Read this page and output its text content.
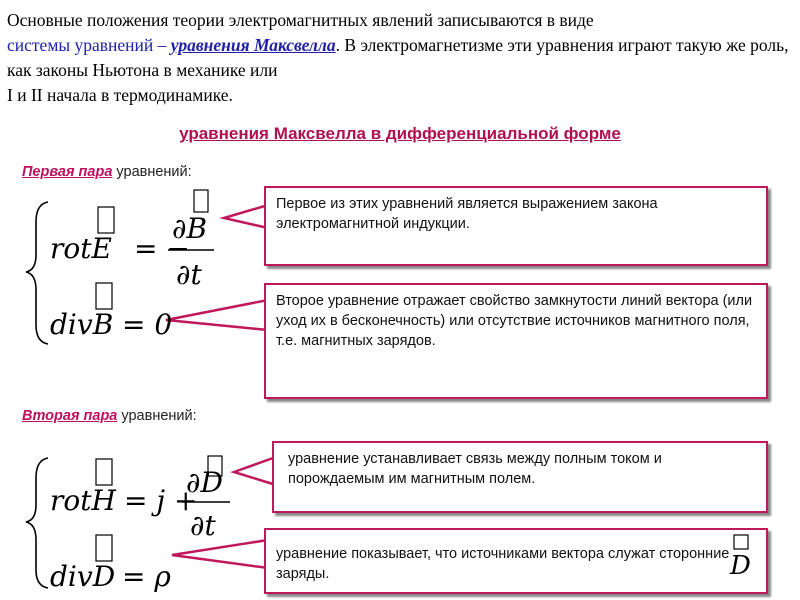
Основные положения теории электромагнитных явлений записываются в виде
системы уравнений – уравнения Максвелла. В электромагнетизме эти уравнения играют такую же роль, как законы Ньютона в механике или
I и II начала в термодинамике.
уравнения Максвелла в дифференциальной форме
Первая пара уравнений:
Вторая пара уравнений:
rotE = −
∂B
∂t
divB = 0
rotH = j +
∂D
∂t
divD = ρ
Первое из этих уравнений является выражением закона электромагнитной индукции.
Второе уравнение отражает свойство замкнутости линий вектора (или уход их в бесконечность) или отсутствие источников магнитного поля, т.е. магнитных зарядов.
уравнение устанавливает связь между полным током и порождаемым им магнитным полем.
уравнение показывает, что источниками вектора служат сторонние заряды.	D
